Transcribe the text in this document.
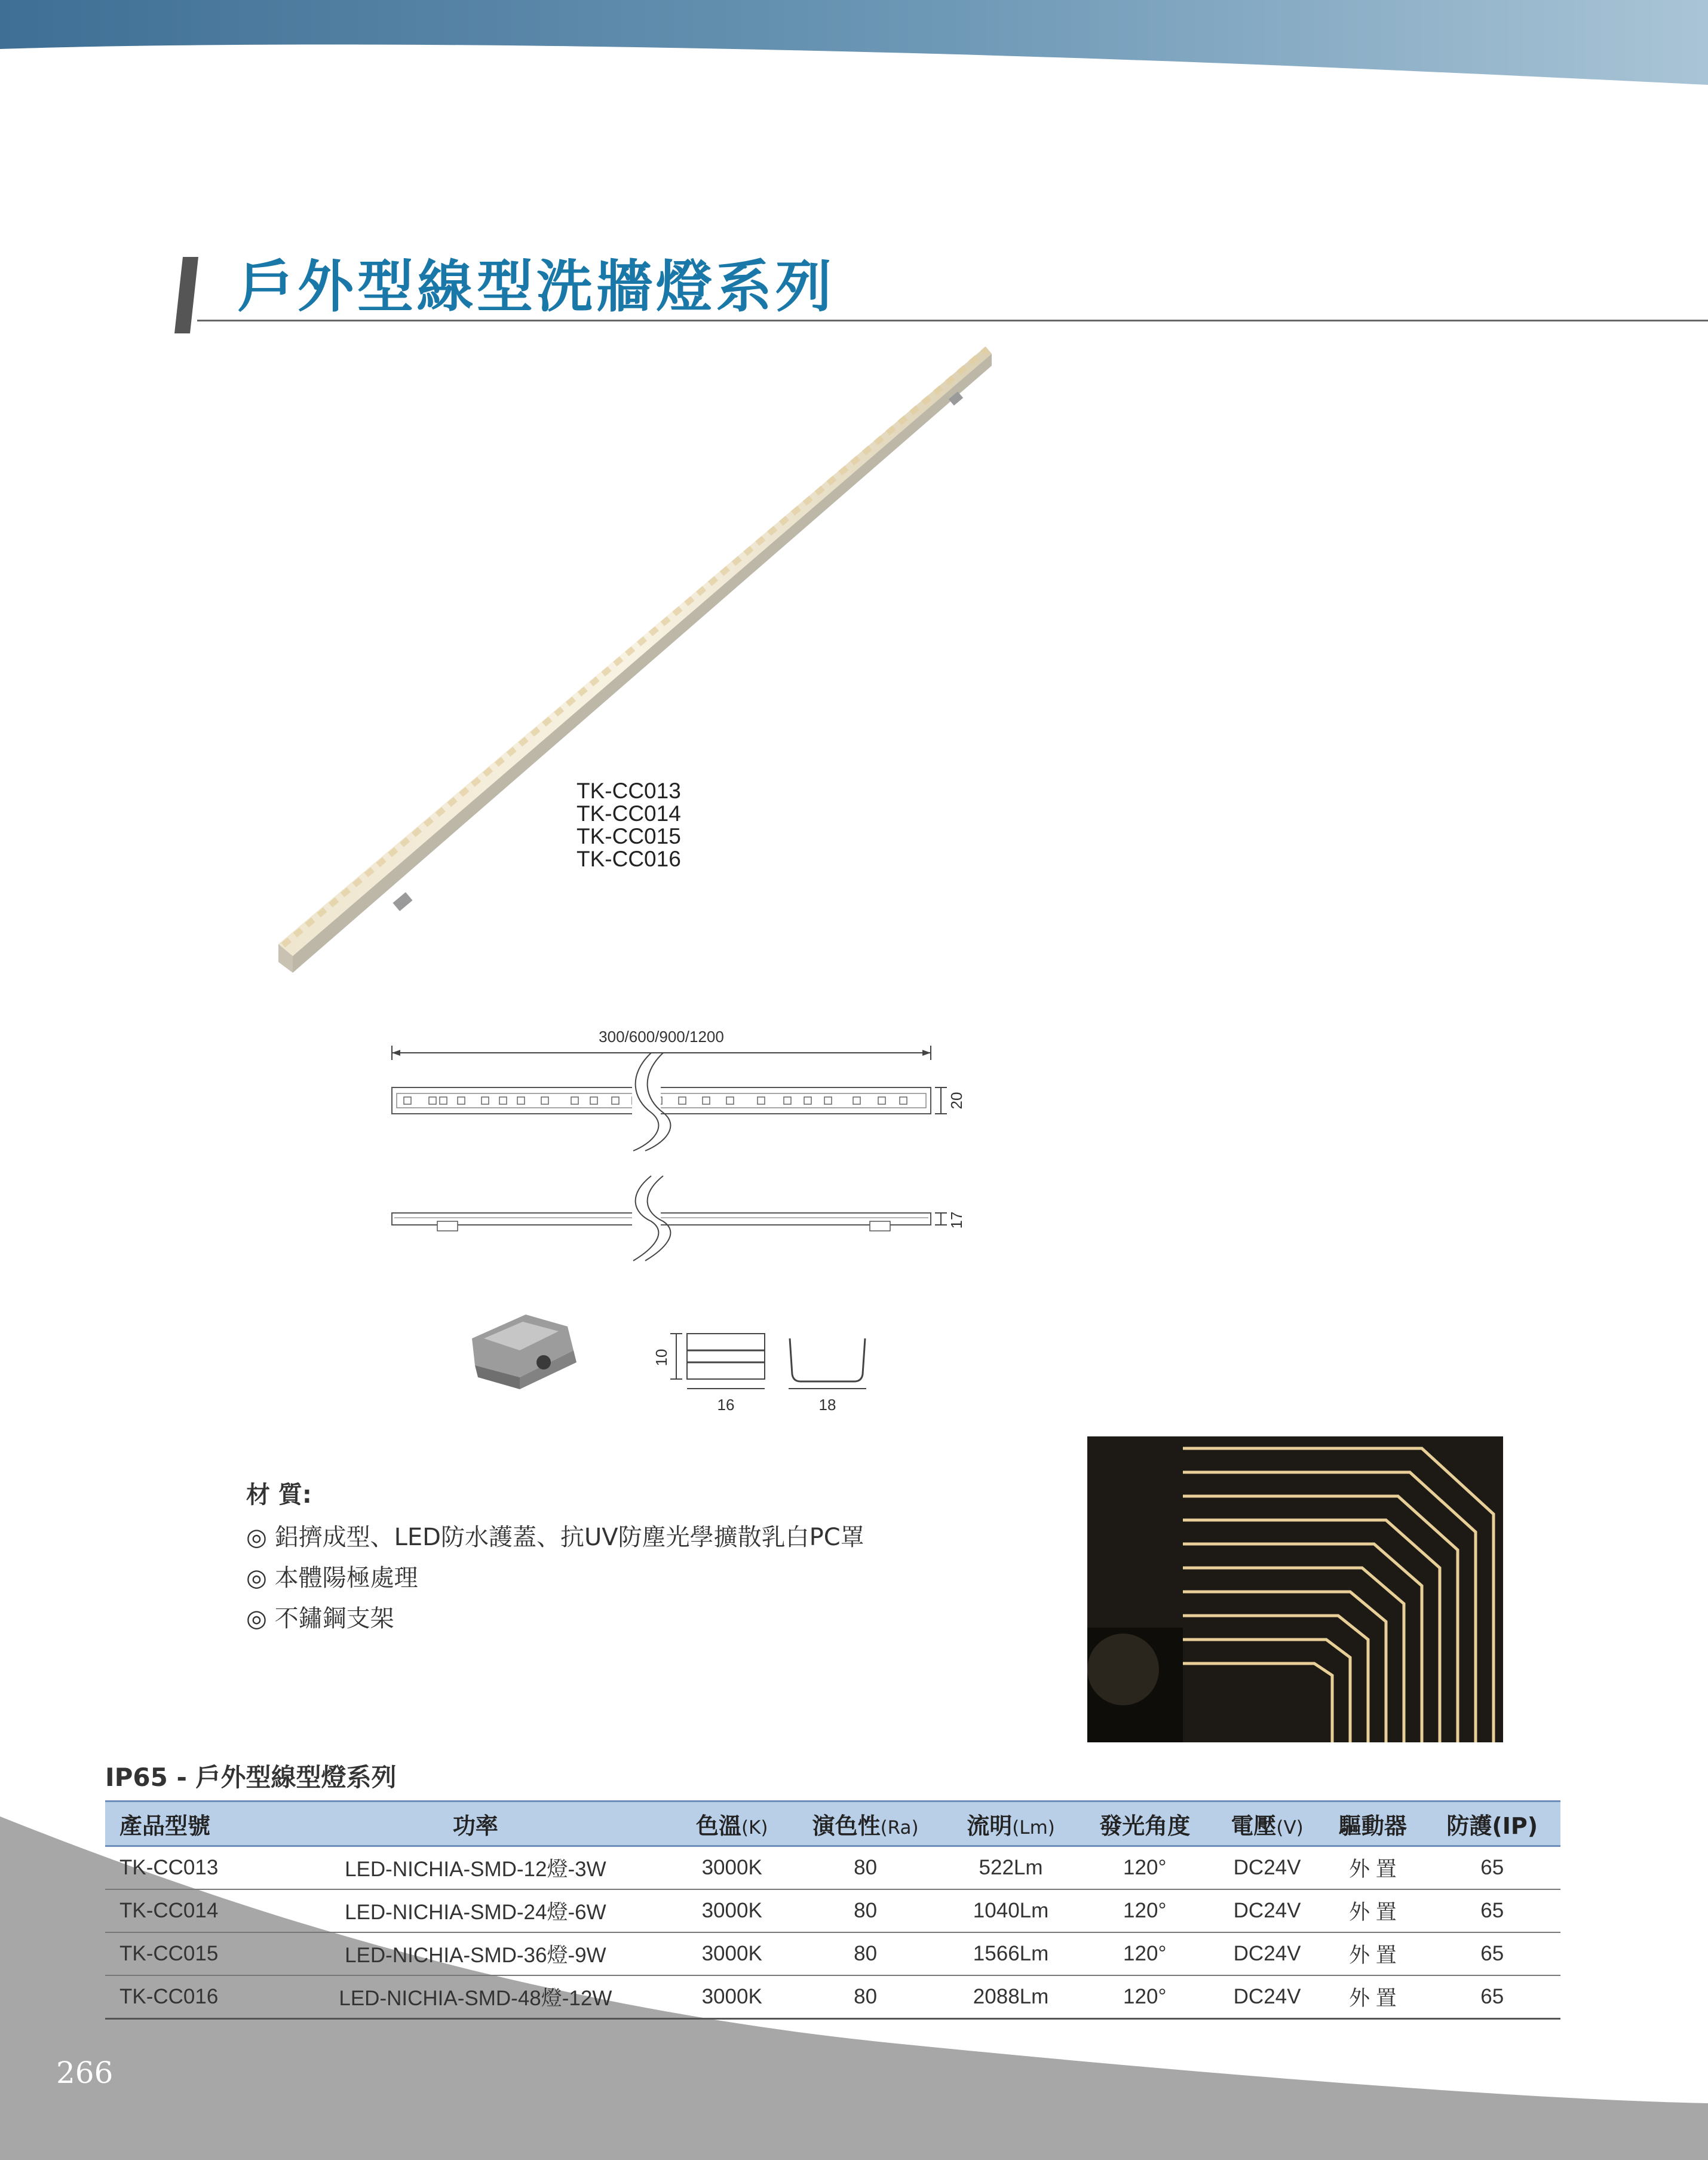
戶外型線型洗牆燈系列
TK-CC013
TK-CC014
TK-CC015
TK-CC016
300/600/900/1200
20
17
10
16	18
材 質:
◎ 鋁擠成型、LED防水護蓋、抗UV防塵光學擴散乳白PC罩
◎ 本體陽極處理
◎ 不鏽鋼支架
IP65 - 戶外型線型燈系列
產品型號	功率	色溫(K)	演色性(Ra)	流明(Lm)	發光角度	電壓(V)	驅動器	防護(IP)
TK-CC013	LED-NICHIA-SMD-12燈-3W	3000K	80	522Lm	120°	DC24V	外 置	65
TK-CC014	LED-NICHIA-SMD-24燈-6W	3000K	80	1040Lm	120°	DC24V	外 置	65
TK-CC015	LED-NICHIA-SMD-36燈-9W	3000K	80	1566Lm	120°	DC24V	外 置	65
TK-CC016	LED-NICHIA-SMD-48燈-12W	3000K	80	2088Lm	120°	DC24V	外 置	65
266
